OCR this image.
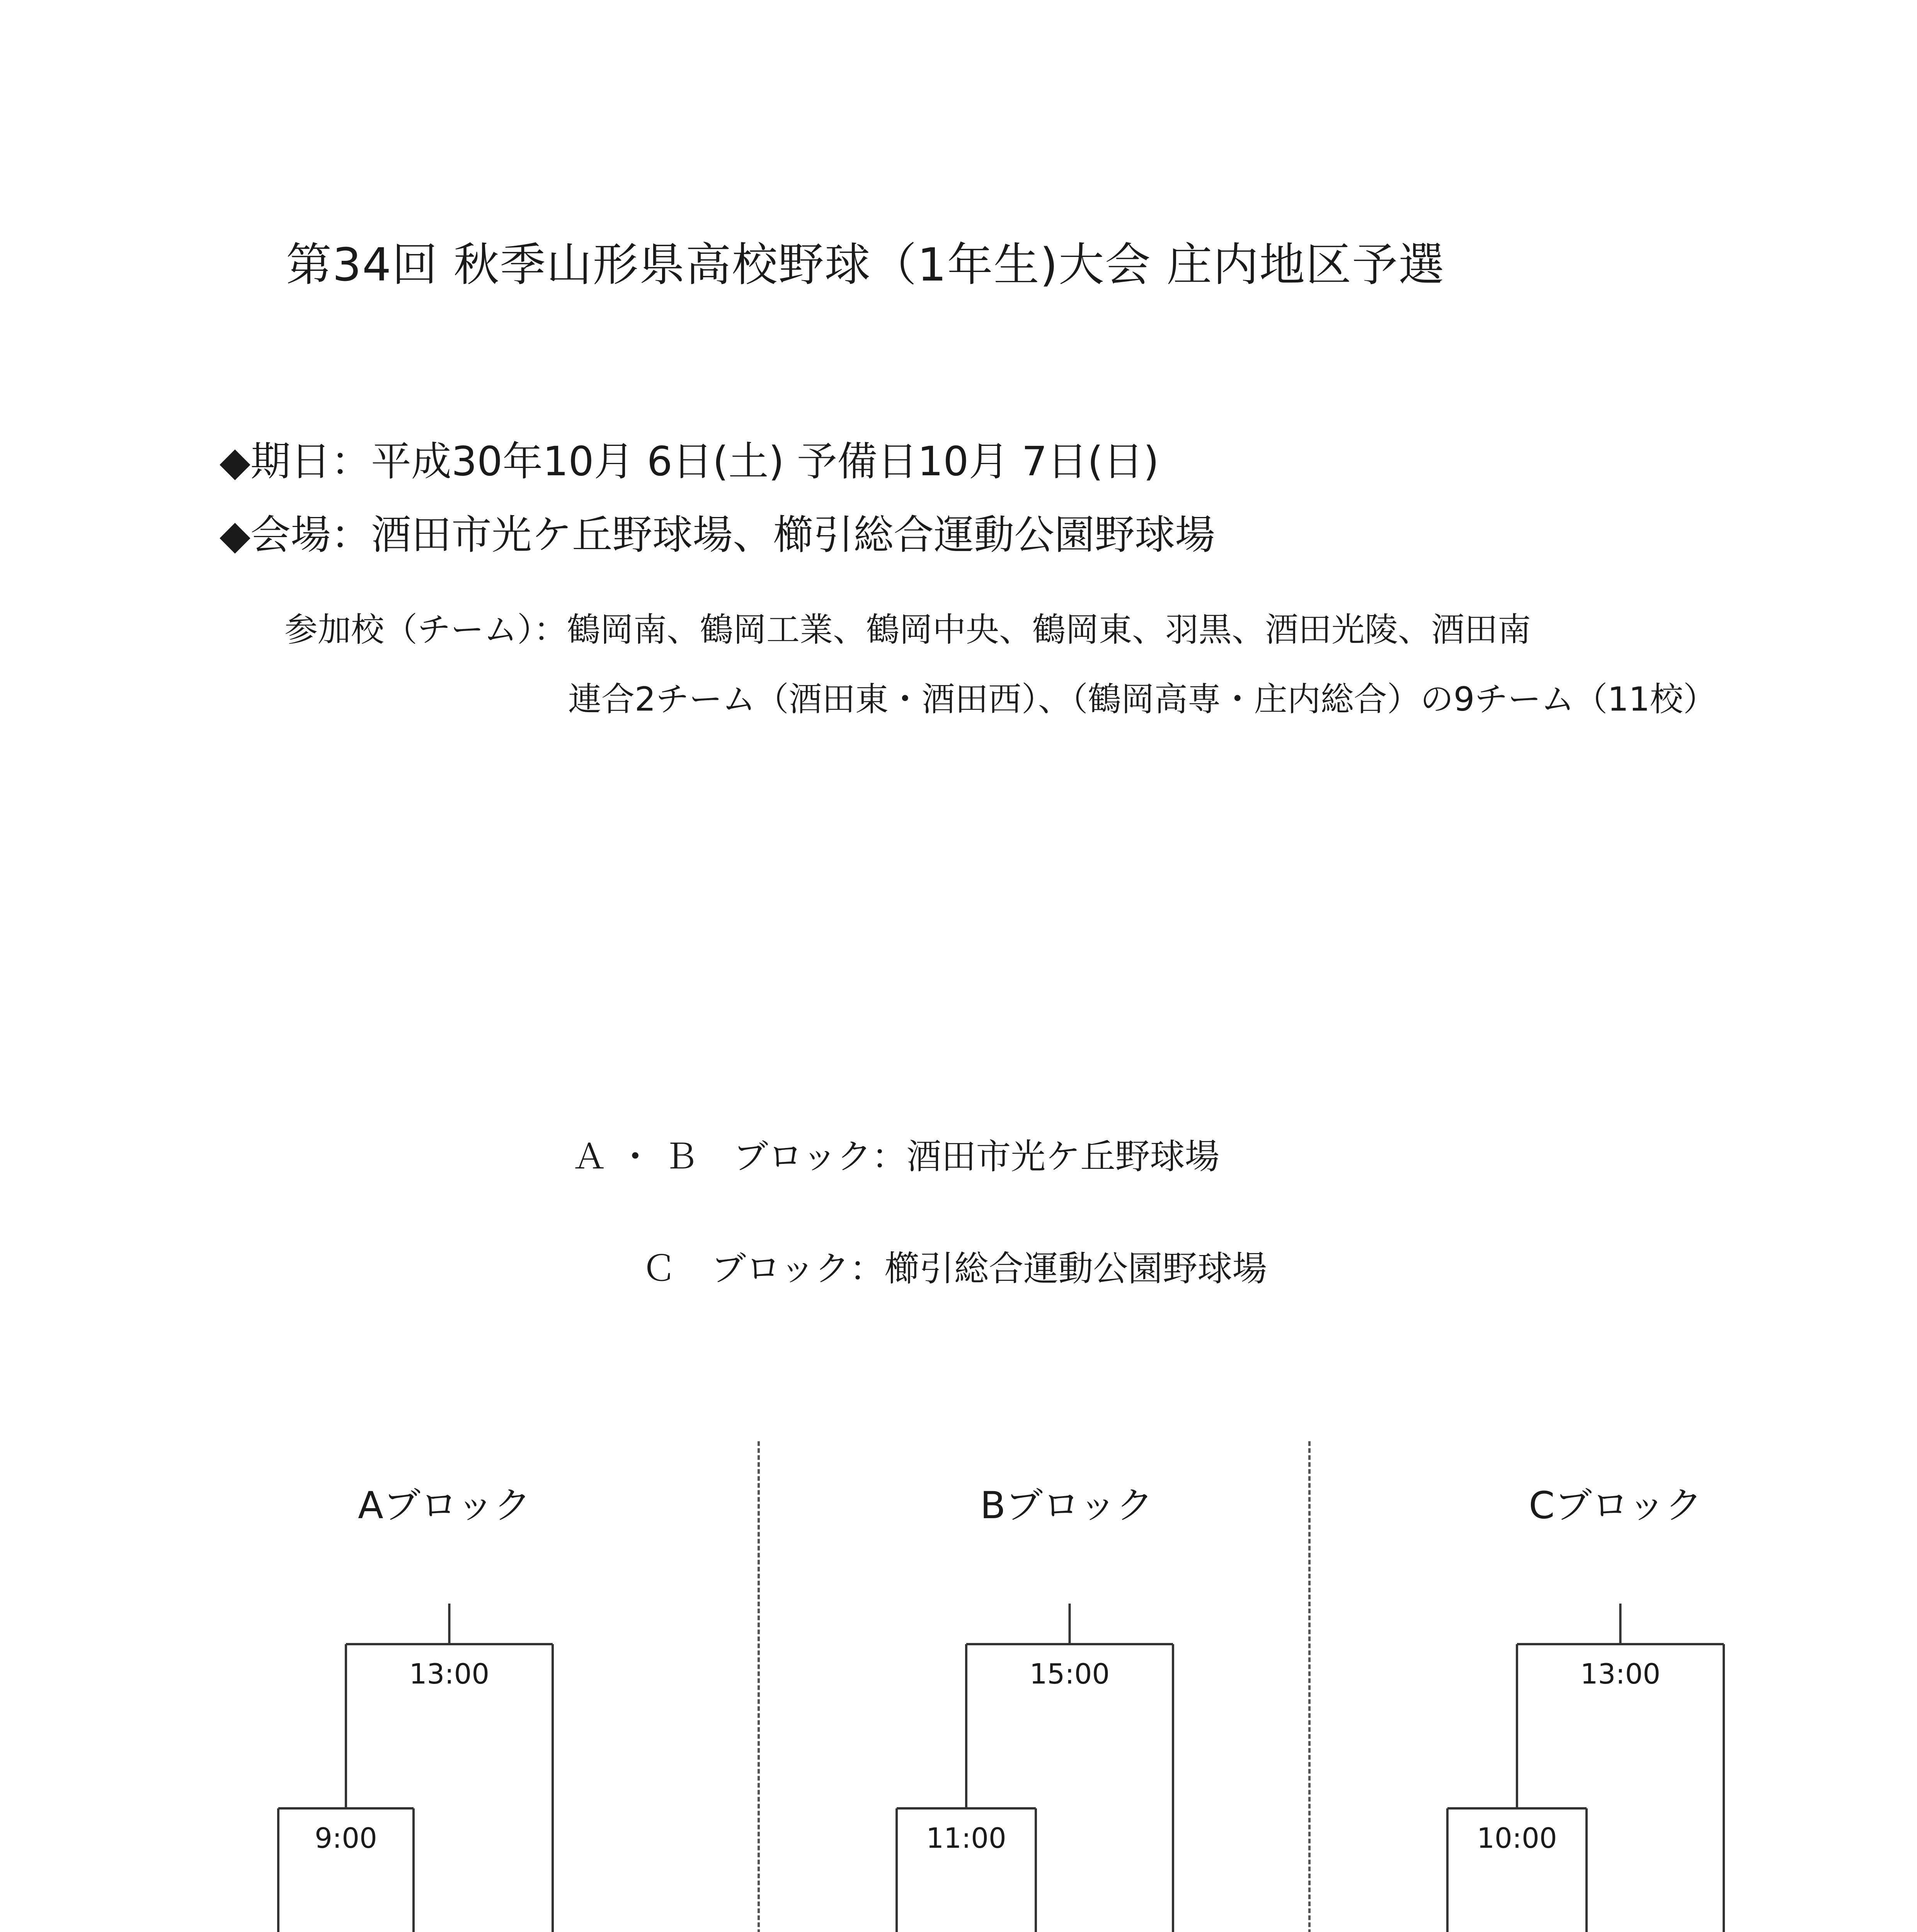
第34回 秋季山形県高校野球（1年生)大会 庄内地区予選
◆期日：平成30年10月 6日(土) 予備日10月 7日(日)
◆会場：酒田市光ケ丘野球場、櫛引総合運動公園野球場
参加校（チーム）：鶴岡南、鶴岡工業、鶴岡中央、鶴岡東、羽黒、酒田光陵、酒田南
連合2チーム（酒田東・酒田西）、（鶴岡高専・庄内総合）の9チーム（11校）
Ａ ・ Ｂ　ブロック：酒田市光ケ丘野球場
Ｃ　ブロック：櫛引総合運動公園野球場
Aブロック
13:00
9:00
Bブロック
15:00
11:00
Cブロック
13:00
10:00
